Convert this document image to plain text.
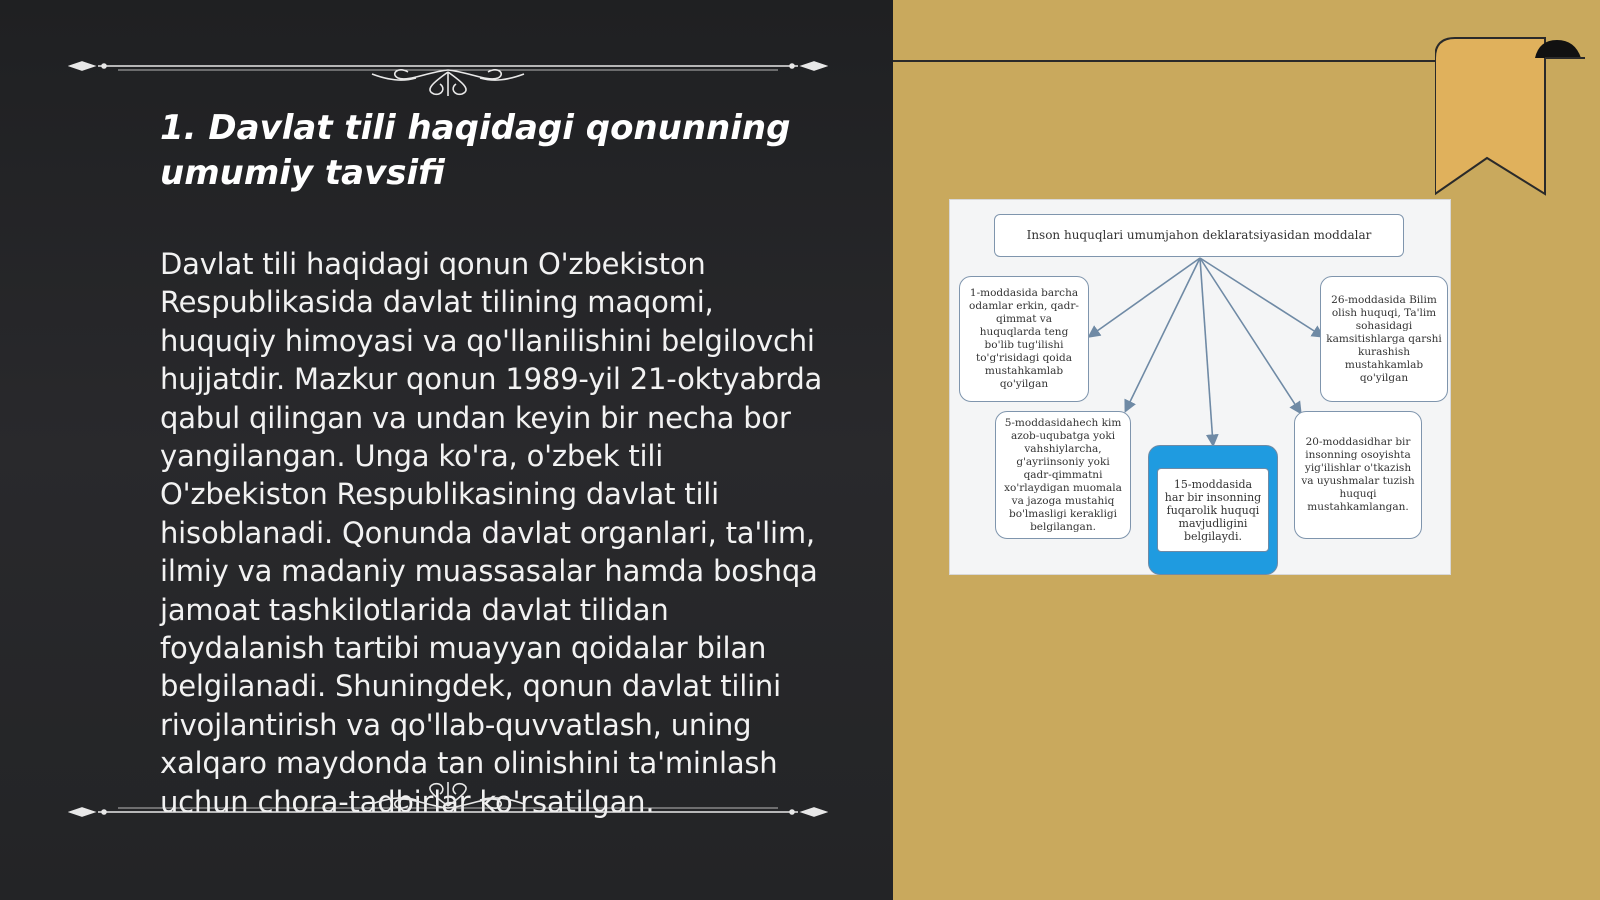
1. Davlat tili haqidagi qonunning umumiy tavsifi

Davlat tili haqidagi qonun O'zbekiston Respublikasida davlat tilining maqomi, huquqiy himoyasi va qo'llanilishini belgilovchi hujjatdir. Mazkur qonun 1989-yil 21-oktyabrda qabul qilingan va undan keyin bir necha bor yangilangan. Unga ko'ra, o'zbek tili O'zbekiston Respublikasining davlat tili hisoblanadi. Qonunda davlat organlari, ta'lim, ilmiy va madaniy muassasalar hamda boshqa jamoat tashkilotlarida davlat tilidan foydalanish tartibi muayyan qoidalar bilan belgilanadi. Shuningdek, qonun davlat tilini rivojlantirish va qo'llab-quvvatlash, uning xalqaro maydonda tan olinishini ta'minlash uchun chora-tadbirlar ko'rsatilgan.

Inson huquqlari umumjahon deklaratsiyasidan moddalar
1-moddasida barcha odamlar erkin, qadr-qimmat va huquqlarda teng bo'lib tug'ilishi to'g'risidagi qoida mustahkamlab qo'yilgan
26-moddasida Bilim olish huquqi, Ta'lim sohasidagi kamsitishlarga qarshi kurashish mustahkamlab qo'yilgan
5-moddasidahech kim azob-uqubatga yoki vahshiylarcha, g'ayriinsoniy yoki qadr-qimmatni xo'rlaydigan muomala va jazoga mustahiq bo'lmasligi kerakligi belgilangan.
20-moddasidhar bir insonning osoyishta yig'ilishlar o'tkazish va uyushmalar tuzish huquqi mustahkamlangan.
15-moddasida har bir insonning fuqarolik huquqi mavjudligini belgilaydi.
